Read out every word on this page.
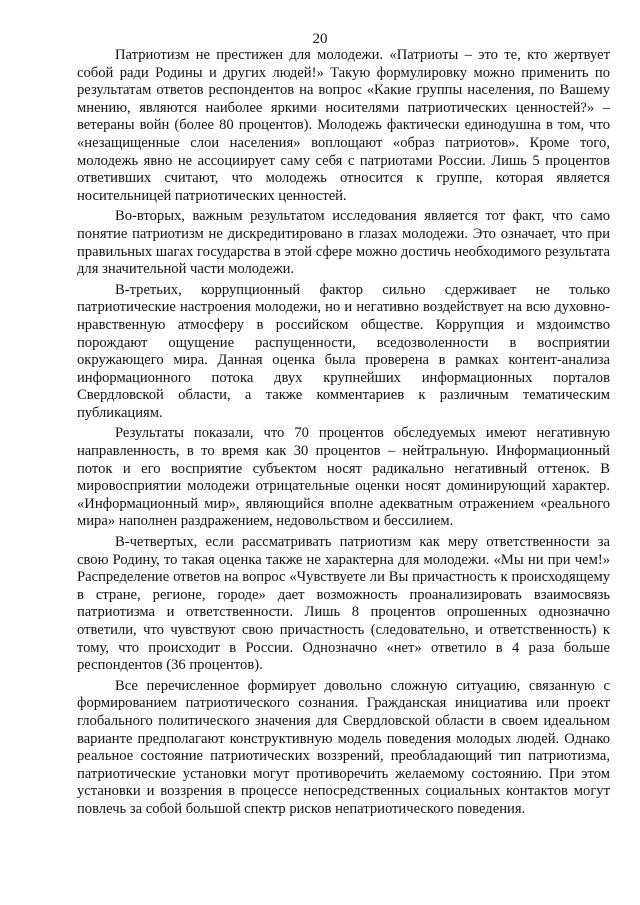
20

Патриотизм не престижен для молодежи. «Патриоты – это те, кто жертвует собой ради Родины и других людей!» Такую формулировку можно применить по результатам ответов респондентов на вопрос «Какие группы населения, по Вашему мнению, являются наиболее яркими носителями патриотических ценностей?» – ветераны войн (более 80 процентов). Молодежь фактически единодушна в том, что «незащищенные слои населения» воплощают «образ патриотов». Кроме того, молодежь явно не ассоциирует саму себя с патриотами России. Лишь 5 процентов ответивших считают, что молодежь относится к группе, которая является носительницей патриотических ценностей.

Во-вторых, важным результатом исследования является тот факт, что само понятие патриотизм не дискредитировано в глазах молодежи. Это означает, что при правильных шагах государства в этой сфере можно достичь необходимого результата для значительной части молодежи.

В-третьих, коррупционный фактор сильно сдерживает не только патриотические настроения молодежи, но и негативно воздействует на всю духовно-нравственную атмосферу в российском обществе. Коррупция и мздоимство порождают ощущение распущенности, вседозволенности в восприятии окружающего мира. Данная оценка была проверена в рамках контент-анализа информационного потока двух крупнейших информационных порталов Свердловской области, а также комментариев к различным тематическим публикациям.

Результаты показали, что 70 процентов обследуемых имеют негативную направленность, в то время как 30 процентов – нейтральную. Информационный поток и его восприятие субъектом носят радикально негативный оттенок. В мировосприятии молодежи отрицательные оценки носят доминирующий характер. «Информационный мир», являющийся вполне адекватным отражением «реального мира» наполнен раздражением, недовольством и бессилием.

В-четвертых, если рассматривать патриотизм как меру ответственности за свою Родину, то такая оценка также не характерна для молодежи. «Мы ни при чем!» Распределение ответов на вопрос «Чувствуете ли Вы причастность к происходящему в стране, регионе, городе» дает возможность проанализировать взаимосвязь патриотизма и ответственности. Лишь 8 процентов опрошенных однозначно ответили, что чувствуют свою причастность (следовательно, и ответственность) к тому, что происходит в России. Однозначно «нет» ответило в 4 раза больше респондентов (36 процентов).

Все перечисленное формирует довольно сложную ситуацию, связанную с формированием патриотического сознания. Гражданская инициатива или проект глобального политического значения для Свердловской области в своем идеальном варианте предполагают конструктивную модель поведения молодых людей. Однако реальное состояние патриотических воззрений, преобладающий тип патриотизма, патриотические установки могут противоречить желаемому состоянию. При этом установки и воззрения в процессе непосредственных социальных контактов могут повлечь за собой большой спектр рисков непатриотического поведения.
